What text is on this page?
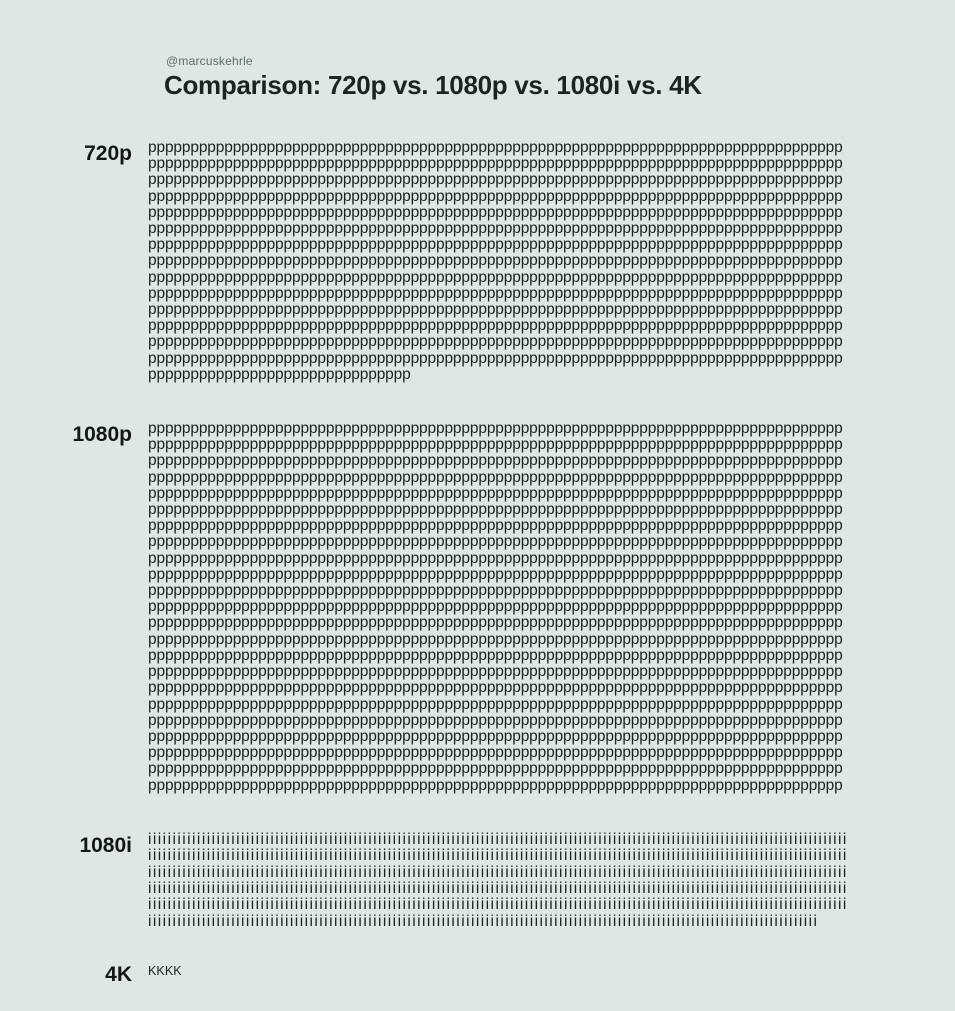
@marcuskehrle
Comparison: 720p vs. 1080p vs. 1080i vs. 4K
720p	ppppppppppppppppppppppppppppppppppppppppppppppppppppppppppppppppppppppppppppppppppppppppppppppppppppppppppppppppppppppppppppppppppppppppppppppppppppppppppppppppppppppppppppppppppppppppppppppppppppppppppppppppppppppppppppppppppppppppppppppppppppppppppppppppppppppppppppppppppppppppppppppppppppppppppppppppppppppppppppppppppppppppppppppppppppppppppppppppppppppppppppppppppppppppppppppppppppppppppppppppppppppppppppppppppppppppppppppppppppppppppppppppppppppppppppppppppppppppppppppppppppppppppppppppppppppppppppppppppppppppppppppppppppppppppppppppppppppppppppppppppppppppppppppppppppppppppppppppppppppppppppppppppppppppppppppppppppppppppppppppppppppppppppppppppppppppppppppppppppppppppppppppppppppppppppppppppppppppppppppppppppppppppppppppppppppppppppppppppppppppppppppppppppppppppppppppppppppppppppppppppppppppppppppppppppppppppppppppppppppppppppppppppppppppppppppppppppppppppppppppppppppppppppppppppppppppppppppppppppppppppppppppppppppppppppppppppppppppppppppppppppppppppppppppppppppppppppppppppppppppppppppppppppppppppppppppppppppppppppppppppppppppppppppppppppppppppppppppppppppppppppppppppppppppppppppppppppppppppppppppppppppppppppppppppppppppppppppppppppppppppppppppppppppppppp
1080p	pppppppppppppppppppppppppppppppppppppppppppppppppppppppppppppppppppppppppppppppppppppppppppppppppppppppppppppppppppppppppppppppppppppppppppppppppppppppppppppppppppppppppppppppppppppppppppppppppppppppppppppppppppppppppppppppppppppppppppppppppppppppppppppppppppppppppppppppppppppppppppppppppppppppppppppppppppppppppppppppppppppppppppppppppppppppppppppppppppppppppppppppppppppppppppppppppppppppppppppppppppppppppppppppppppppppppppppppppppppppppppppppppppppppppppppppppppppppppppppppppppppppppppppppppppppppppppppppppppppppppppppppppppppppppppppppppppppppppppppppppppppppppppppppppppppppppppppppppppppppppppppppppppppppppppppppppppppppppppppppppppppppppppppppppppppppppppppppppppppppppppppppppppppppppppppppppppppppppppppppppppppppppppppppppppppppppppppppppppppppppppppppppppppppppppppppppppppppppppppppppppppppppppppppppppppppppppppppppppppppppppppppppppppppppppppppppppppppppppppppppppppppppppppppppppppppppppppppppppppppppppppppppppppppppppppppppppppppppppppppppppppppppppppppppppppppppppppppppppppppppppppppppppppppppppppppppppppppppppppppppppppppppppppppppppppppppppppppppppppppppppppppppppppppppppppppppppppppppppppppppppppppppppppppppppppppppppppppppppppppppppppppppppppppppppppppppppppppppppppppppppppppppppppppppppppppppppppppppppppppppppppppppppppppppppppppppppppppppppppppppppppppppppppppppppppppppppppppppppppppppppppppppppppppppppppppppppppppppppppppppppppppppppppppppppppppppppppppppppppppppppppppppppppppppppppppppppppppppppppppppppppppppppppppppppppppppppppppppppppppppppppppppppppppppppppppppppppppppppppppppppppppppppppppppppppppppppppppppppppppppppppppppppppppppppppppppppppppppppppppppppppppppppppppppppppppppppppppppppppppppppppppppppppppppppppppppppppppppppppppppppppppppppppppppppppppppppppppppppppppppppppppppppppppppppppppppppppppppppppppppppppppppppppppppppppppppppppppppppppppppppppppppppppppppppppppppppppppppppppppppppppppppppppppppppppppppppppppppppppppppppppp
1080i	iiiiiiiiiiiiiiiiiiiiiiiiiiiiiiiiiiiiiiiiiiiiiiiiiiiiiiiiiiiiiiiiiiiiiiiiiiiiiiiiiiiiiiiiiiiiiiiiiiiiiiiiiiiiiiiiiiiiiiiiiiiiiiiiiiiiiiiiiiiiiiiiiiiiiiiiiiiiiiiiiiiiiiiiiiiiiiiiiiiiiiiiiiiiiiiiiiiiiiiiiiiiiiiiiiiiiiiiiiiiiiiiiiiiiiiiiiiiiiiiiiiiiiiiiiiiiiiiiiiiiiiiiiiiiiiiiiiiiiiiiiiiiiiiiiiiiiiiiiiiiiiiiiiiiiiiiiiiiiiiiiiiiiiiiiiiiiiiiiiiiiiiiiiiiiiiiiiiiiiiiiiiiiiiiiiiiiiiiiiiiiiiiiiiiiiiiiiiiiiiiiiiiiiiiiiiiiiiiiiiiiiiiiiiiiiiiiiiiiiiiiiiiiiiiiiiiiiiiiiiiiiiiiiiiiiiiiiiiiiiiiiiiiiiiiiiiiiiiiiiiiiiiiiiiiiiiiiiiiiiiiiiiiiiiiiiiiiiiiiiiiiiiiiiiiiiiiiiiiiiiiiiiiiiiiiiiiiiiiiiiiiiiiiiiiiiiiiiiiiiiiiiiiiiiiiiiiiiiiiiiiiiiiiiiiiiiiiiiiiiiiiiiiiiiiiiiiiiiiiiiiiiiiiiiiiiiiiiiiiiiiiiiiiiiiiiiiiiiiiiiiiiiiiiiiiiiiiiiiiiiiiiiiiiiiiiiiiiiiiiiiiiiiiiiiiiiiiiiiiiiiiiiiiiiiiiiiiiiiiiiiiiiiiiiiiiiiiiiiiiiiiiiiiiiiiiiiiiiiiiiiiiiiiiiiiiiiiiiiiiiiiiiiiiiiii
4K	KKKK
